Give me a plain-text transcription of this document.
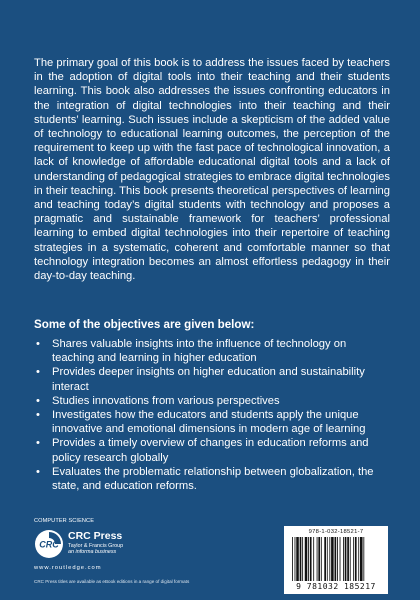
The primary goal of this book is to address the issues faced by teachers in the adoption of digital tools into their teaching and their students learning. This book also addresses the issues confronting educators in the integration of digital technologies into their teaching and their students’ learning. Such issues include a skepticism of the added value of technology to educational learning outcomes, the perception of the requirement to keep up with the fast pace of technological innovation, a lack of knowledge of affordable educational digital tools and a lack of understanding of pedagogical strategies to embrace digital technologies in their teaching. This book presents theoretical perspectives of learning and teaching today’s digital students with technology and proposes a pragmatic and sustainable framework for teachers’ professional learning to embed digital technologies into their repertoire of teaching strategies in a systematic, coherent and comfortable manner so that technology integration becomes an almost effortless pedagogy in their day-to-day teaching.

Some of the objectives are given below:

• Shares valuable insights into the influence of technology on teaching and learning in higher education
• Provides deeper insights on higher education and sustainability interact
• Studies innovations from various perspectives
• Investigates how the educators and students apply the unique innovative and emotional dimensions in modern age of learning
• Provides a timely overview of changes in education reforms and policy research globally
• Evaluates the problematic relationship between globalization, the state, and education reforms.
COMPUTER SCIENCE
CRC
CRC Press
Taylor & Francis Group
an informa business
www.routledge.com
CRC Press titles are available as eBook editions in a range of digital formats
978-1-032-18521-7
9 781032 185217
